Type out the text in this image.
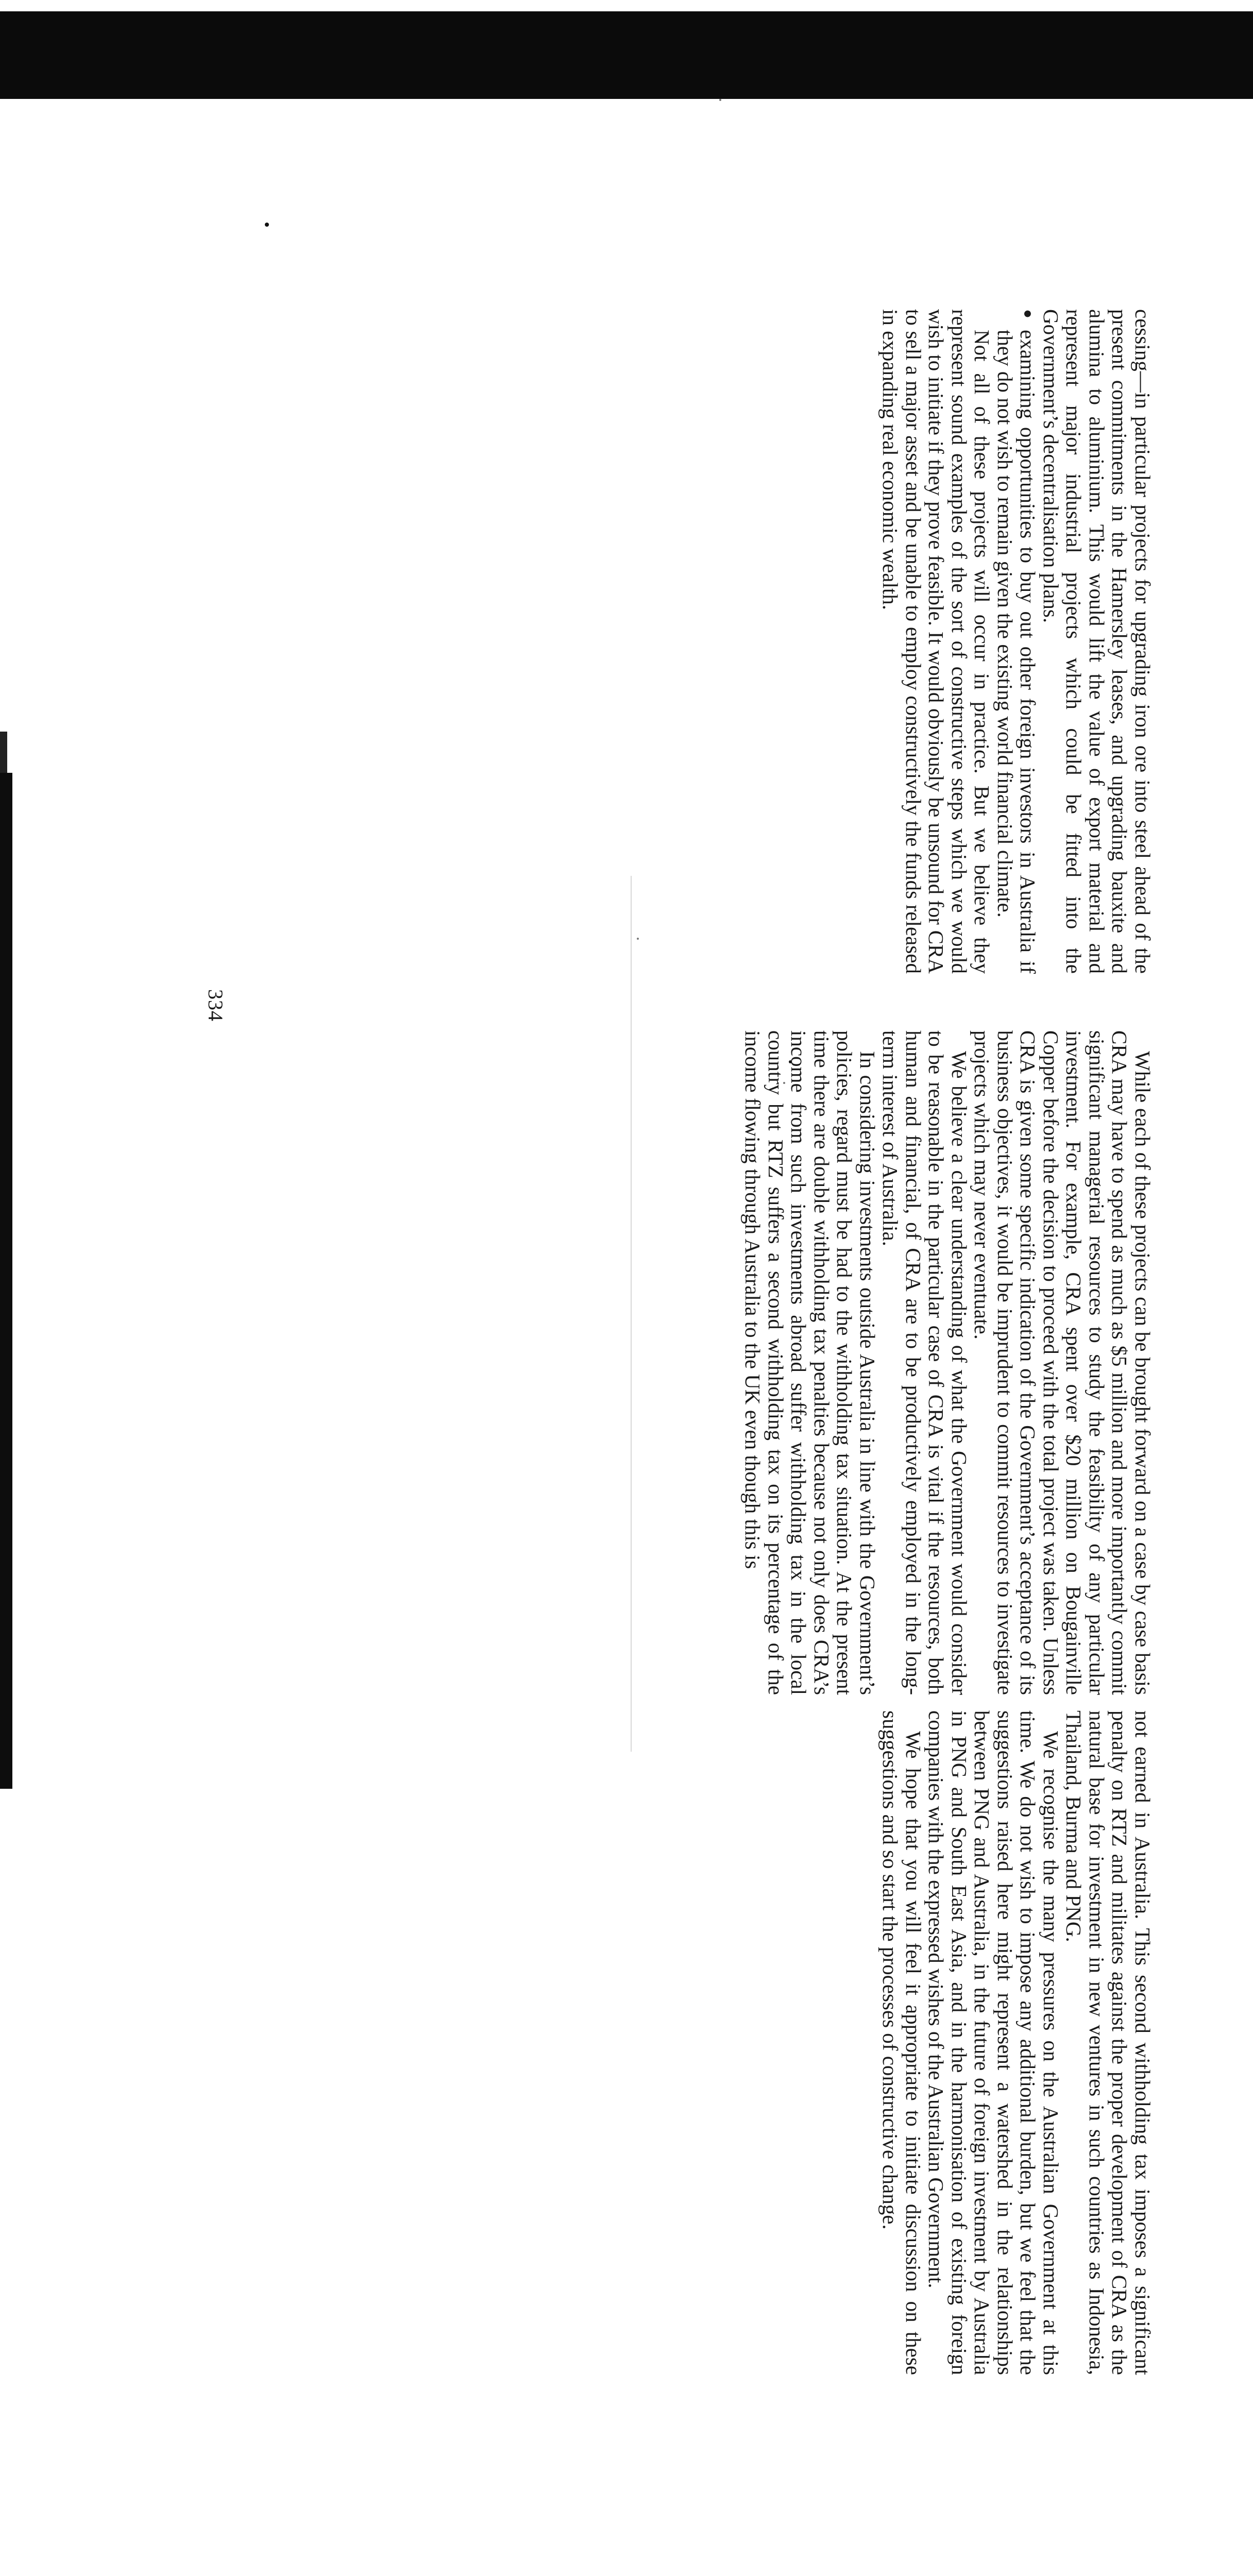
cessing—in particular projects for upgrading iron ore into steel ahead of the present commitments in the Hamersley leases, and upgrading bauxite and alumina to aluminium. This would lift the value of export material and represent major industrial projects which could be fitted into the Government’s decentralisation plans.

● examining opportunities to buy out other foreign investors in Australia if they do not wish to remain given the existing world financial climate.

Not all of these projects will occur in practice. But we believe they represent sound examples of the sort of constructive steps which we would wish to initiate if they prove feasible. It would obviously be unsound for CRA to sell a major asset and be unable to employ constructively the funds released in expanding real economic wealth.

While each of these projects can be brought forward on a case by case basis CRA may have to spend as much as $5 million and more importantly commit significant managerial resources to study the feasibility of any particular investment. For example, CRA spent over $20 million on Bougainville Copper before the decision to proceed with the total project was taken. Unless CRA is given some specific indication of the Government’s acceptance of its business objectives, it would be imprudent to commit resources to investigate projects which may never eventuate.

We believe a clear understanding of what the Government would consider to be reasonable in the particular case of CRA is vital if the resources, both human and financial, of CRA are to be productively employed in the long-term interest of Australia.

In considering investments outside Australia in line with the Government’s policies, regard must be had to the withholding tax situation. At the present time there are double withholding tax penalties because not only does CRA’s income from such investments abroad suffer withholding tax in the local country but RTZ suffers a second withholding tax on its percentage of the income flowing through Australia to the UK even though this is

334

not earned in Australia. This second withholding tax imposes a significant penalty on RTZ and militates against the proper development of CRA as the natural base for investment in new ventures in such countries as Indonesia, Thailand, Burma and PNG.

We recognise the many pressures on the Australian Government at this time. We do not wish to impose any additional burden, but we feel that the suggestions raised here might represent a watershed in the relationships between PNG and Australia, in the future of foreign investment by Australia in PNG and South East Asia, and in the harmonisation of existing foreign companies with the expressed wishes of the Australian Government.

We hope that you will feel it appropriate to initiate discussion on these suggestions and so start the processes of constructive change.
